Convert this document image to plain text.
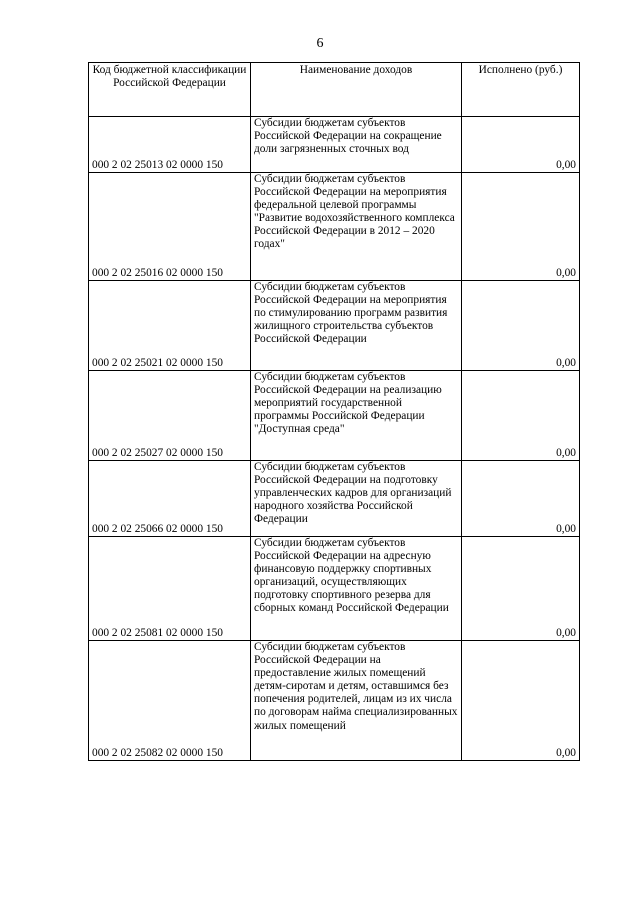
6
Код бюджетной классификации Российской Федерации	Наименование доходов	Исполнено (руб.)
000 2 02 25013 02 0000 150	Субсидии бюджетам субъектов Российской Федерации на сокращение доли загрязненных сточных вод	0,00
000 2 02 25016 02 0000 150	Субсидии бюджетам субъектов Российской Федерации на мероприятия федеральной целевой программы "Развитие водохозяйственного комплекса Российской Федерации в 2012 – 2020 годах"	0,00
000 2 02 25021 02 0000 150	Субсидии бюджетам субъектов Российской Федерации на мероприятия по стимулированию программ развития жилищного строительства субъектов Российской Федерации	0,00
000 2 02 25027 02 0000 150	Субсидии бюджетам субъектов Российской Федерации на реализацию мероприятий государственной программы Российской Федерации "Доступная среда"	0,00
000 2 02 25066 02 0000 150	Субсидии бюджетам субъектов Российской Федерации на подготовку управленческих кадров для организаций народного хозяйства Российской Федерации	0,00
000 2 02 25081 02 0000 150	Субсидии бюджетам субъектов Российской Федерации на адресную финансовую поддержку спортивных организаций, осуществляющих подготовку спортивного резерва для сборных команд Российской Федерации	0,00
000 2 02 25082 02 0000 150	Субсидии бюджетам субъектов Российской Федерации на предоставление жилых помещений детям-сиротам и детям, оставшимся без попечения родителей, лицам из их числа по договорам найма специализированных жилых помещений	0,00
